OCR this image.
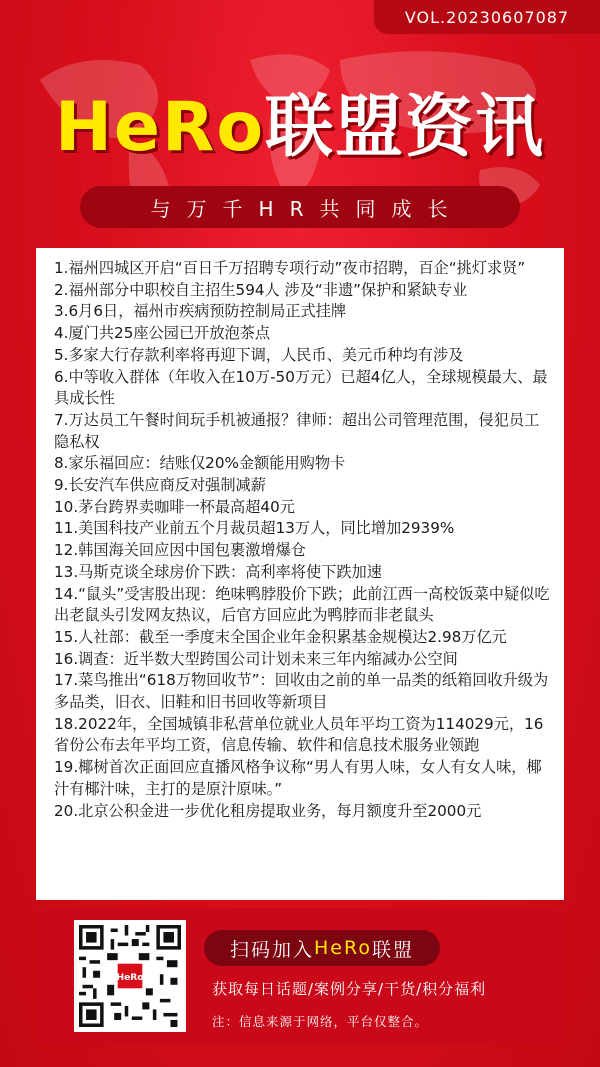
VOL.20230607087
HeRo联盟资讯
与万千HR共同成长
1.福州四城区开启“百日千万招聘专项行动”夜市招聘，百企“挑灯求贤”
2.福州部分中职校自主招生594人 涉及“非遗”保护和紧缺专业
3.6月6日，福州市疾病预防控制局正式挂牌
4.厦门共25座公园已开放泡茶点
5.多家大行存款利率将再迎下调，人民币、美元币种均有涉及
6.中等收入群体（年收入在10万-50万元）已超4亿人，全球规模最大、最具成长性
7.万达员工午餐时间玩手机被通报？律师：超出公司管理范围，侵犯员工隐私权
8.家乐福回应：结账仅20%金额能用购物卡
9.长安汽车供应商反对强制减薪
10.茅台跨界卖咖啡一杯最高超40元
11.美国科技产业前五个月裁员超13万人，同比增加2939%
12.韩国海关回应因中国包裹激增爆仓
13.马斯克谈全球房价下跌：高利率将使下跌加速
14.“鼠头”受害股出现：绝味鸭脖股价下跌；此前江西一高校饭菜中疑似吃出老鼠头引发网友热议，后官方回应此为鸭脖而非老鼠头
15.人社部：截至一季度末全国企业年金积累基金规模达2.98万亿元
16.调查：近半数大型跨国公司计划未来三年内缩减办公空间
17.菜鸟推出“618万物回收节”：回收由之前的单一品类的纸箱回收升级为多品类，旧衣、旧鞋和旧书回收等新项目
18.2022年，全国城镇非私营单位就业人员年平均工资为114029元，16省份公布去年平均工资，信息传输、软件和信息技术服务业领跑
19.椰树首次正面回应直播风格争议称“男人有男人味，女人有女人味，椰汁有椰汁味，主打的是原汁原味。”
20.北京公积金进一步优化租房提取业务，每月额度升至2000元
HeRo
扫码加入 HeRo 联盟
获取每日话题/案例分享/干货/积分福利
注：信息来源于网络，平台仅整合。
